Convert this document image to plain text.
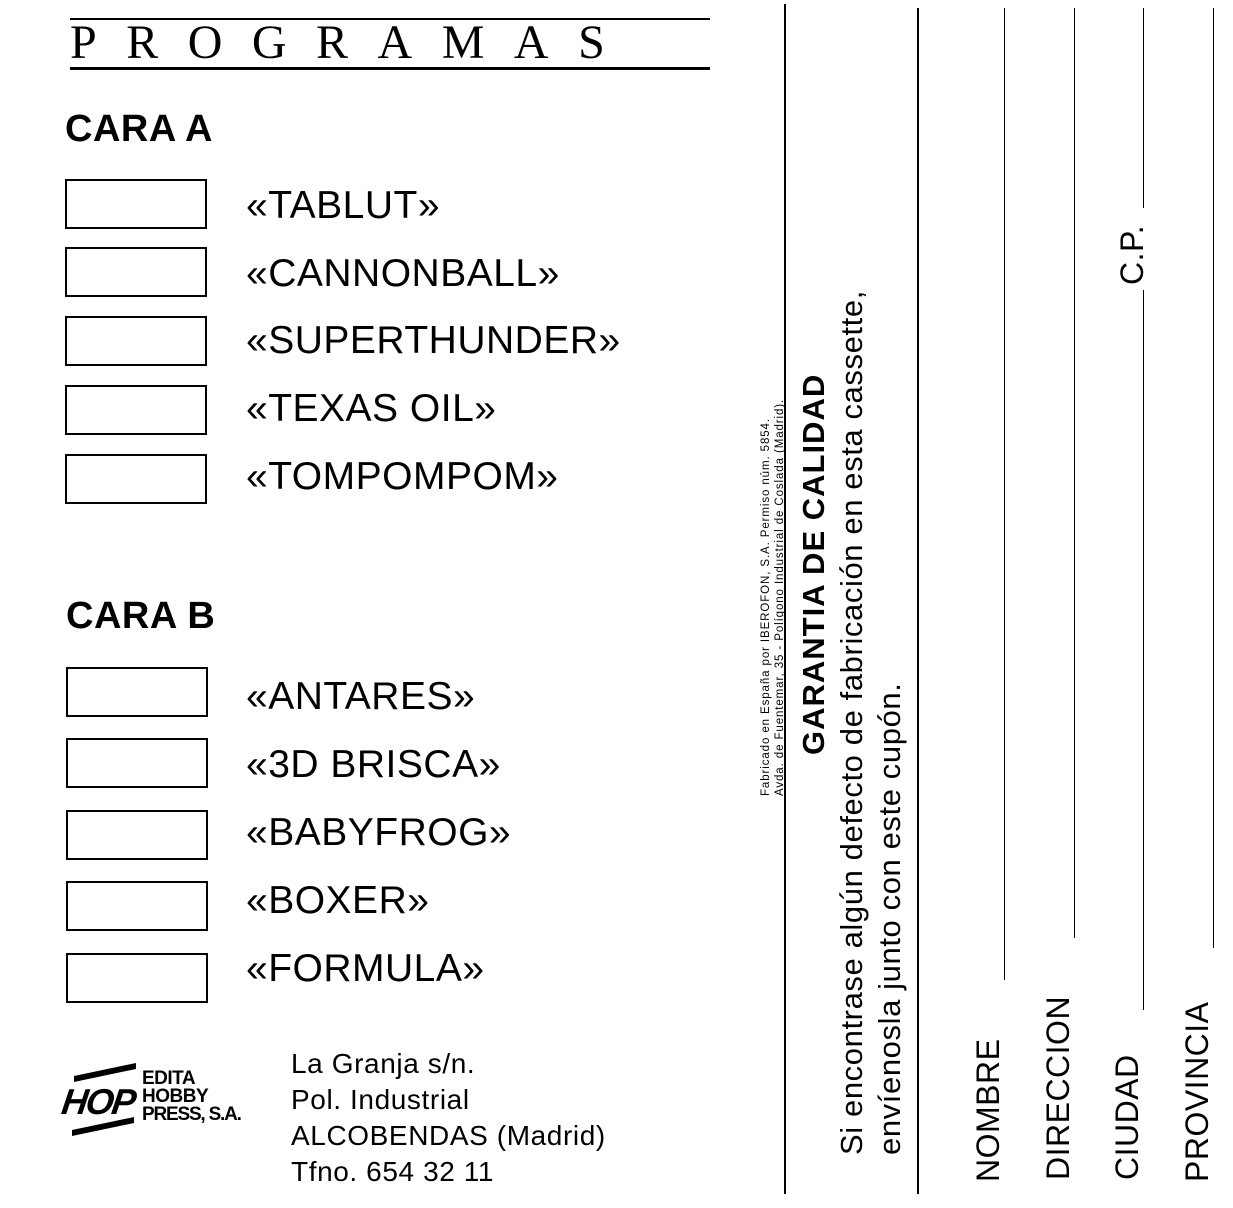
PROGRAMAS
CARA A
«TABLUT»
«CANNONBALL»
«SUPERTHUNDER»
«TEXAS OIL»
«TOMPOMPOM»
CARA B
«ANTARES»
«3D BRISCA»
«BABYFROG»
«BOXER»
«FORMULA»
HOP
EDITA
HOBBY
PRESS, S.A.
La Granja s/n.
Pol. Industrial
ALCOBENDAS (Madrid)
Tfno. 654 32 11
Fabricado en España por IBEROFON, S.A. Permiso núm. 5854. Avda. de Fuentemar, 35 - Polígono Industrial de Coslada (Madrid). GARANTIA DE CALIDAD Si encontrase algún defecto de fabricación en esta cassette, envíenosla junto con este cupón. NOMBRE DIRECCION CIUDAD
C.P.
PROVINCIA
